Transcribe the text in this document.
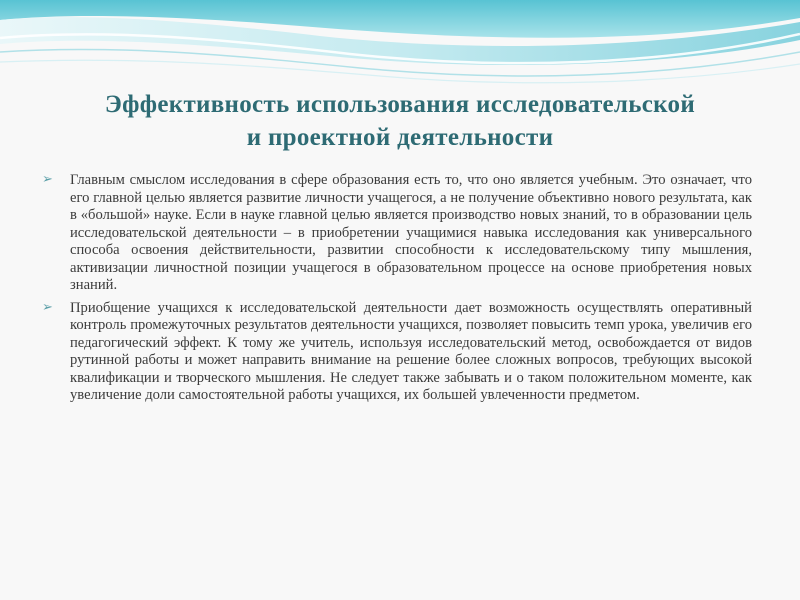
Эффективность использования исследовательской
и проектной деятельности
➢ Главным смыслом исследования в сфере образования есть то, что оно является учебным. Это означает, что его главной целью является развитие личности учащегося, а не получение объективно нового результата, как в «большой» науке. Если в науке главной целью является производство новых знаний, то в образовании цель исследовательской деятельности – в приобретении учащимися навыка исследования как универсального способа освоения действительности, развитии способности к исследовательскому типу мышления, активизации личностной позиции учащегося в образовательном процессе на основе приобретения новых знаний.
➢ Приобщение учащихся к исследовательской деятельности дает возможность осуществлять оперативный контроль промежуточных результатов деятельности учащихся, позволяет повысить темп урока, увеличив его педагогический эффект. К тому же учитель, используя исследовательский метод, освобождается от видов рутинной работы и может направить внимание на решение более сложных вопросов, требующих высокой квалификации и творческого мышления. Не следует также забывать и о таком положительном моменте, как увеличение доли самостоятельной работы учащихся, их большей увлеченности предметом.
